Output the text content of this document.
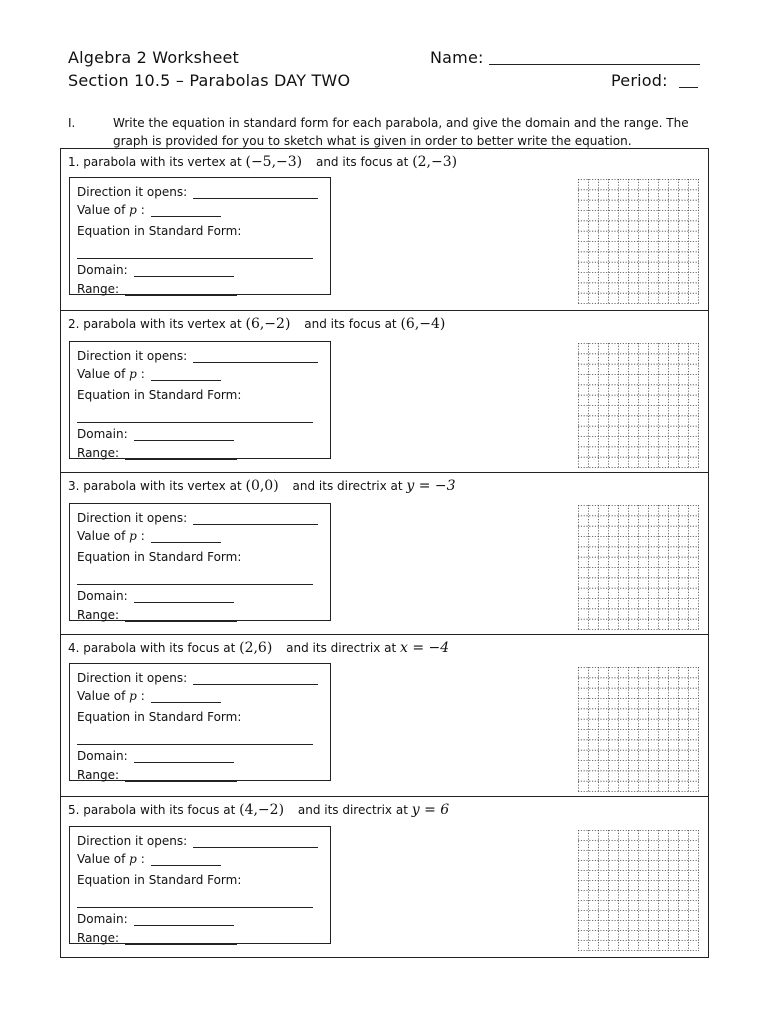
Algebra 2 Worksheet
Section 10.5 – Parabolas DAY TWO
Name:
Period:
I.	Write the equation in standard form for each parabola, and give the domain and the range. The graph is provided for you to sketch what is given in order to better write the equation.
1. parabola with its vertex at (−5,−3) and its focus at (2,−3)
Direction it opens:
Value of p :
Equation in Standard Form:
Domain:
Range:
2. parabola with its vertex at (6,−2) and its focus at (6,−4)
Direction it opens:
Value of p :
Equation in Standard Form:
Domain:
Range:
3. parabola with its vertex at (0,0) and its directrix at y = −3
Direction it opens:
Value of p :
Equation in Standard Form:
Domain:
Range:
4. parabola with its focus at (2,6) and its directrix at x = −4
Direction it opens:
Value of p :
Equation in Standard Form:
Domain:
Range:
5. parabola with its focus at (4,−2) and its directrix at y = 6
Direction it opens:
Value of p :
Equation in Standard Form:
Domain:
Range:
